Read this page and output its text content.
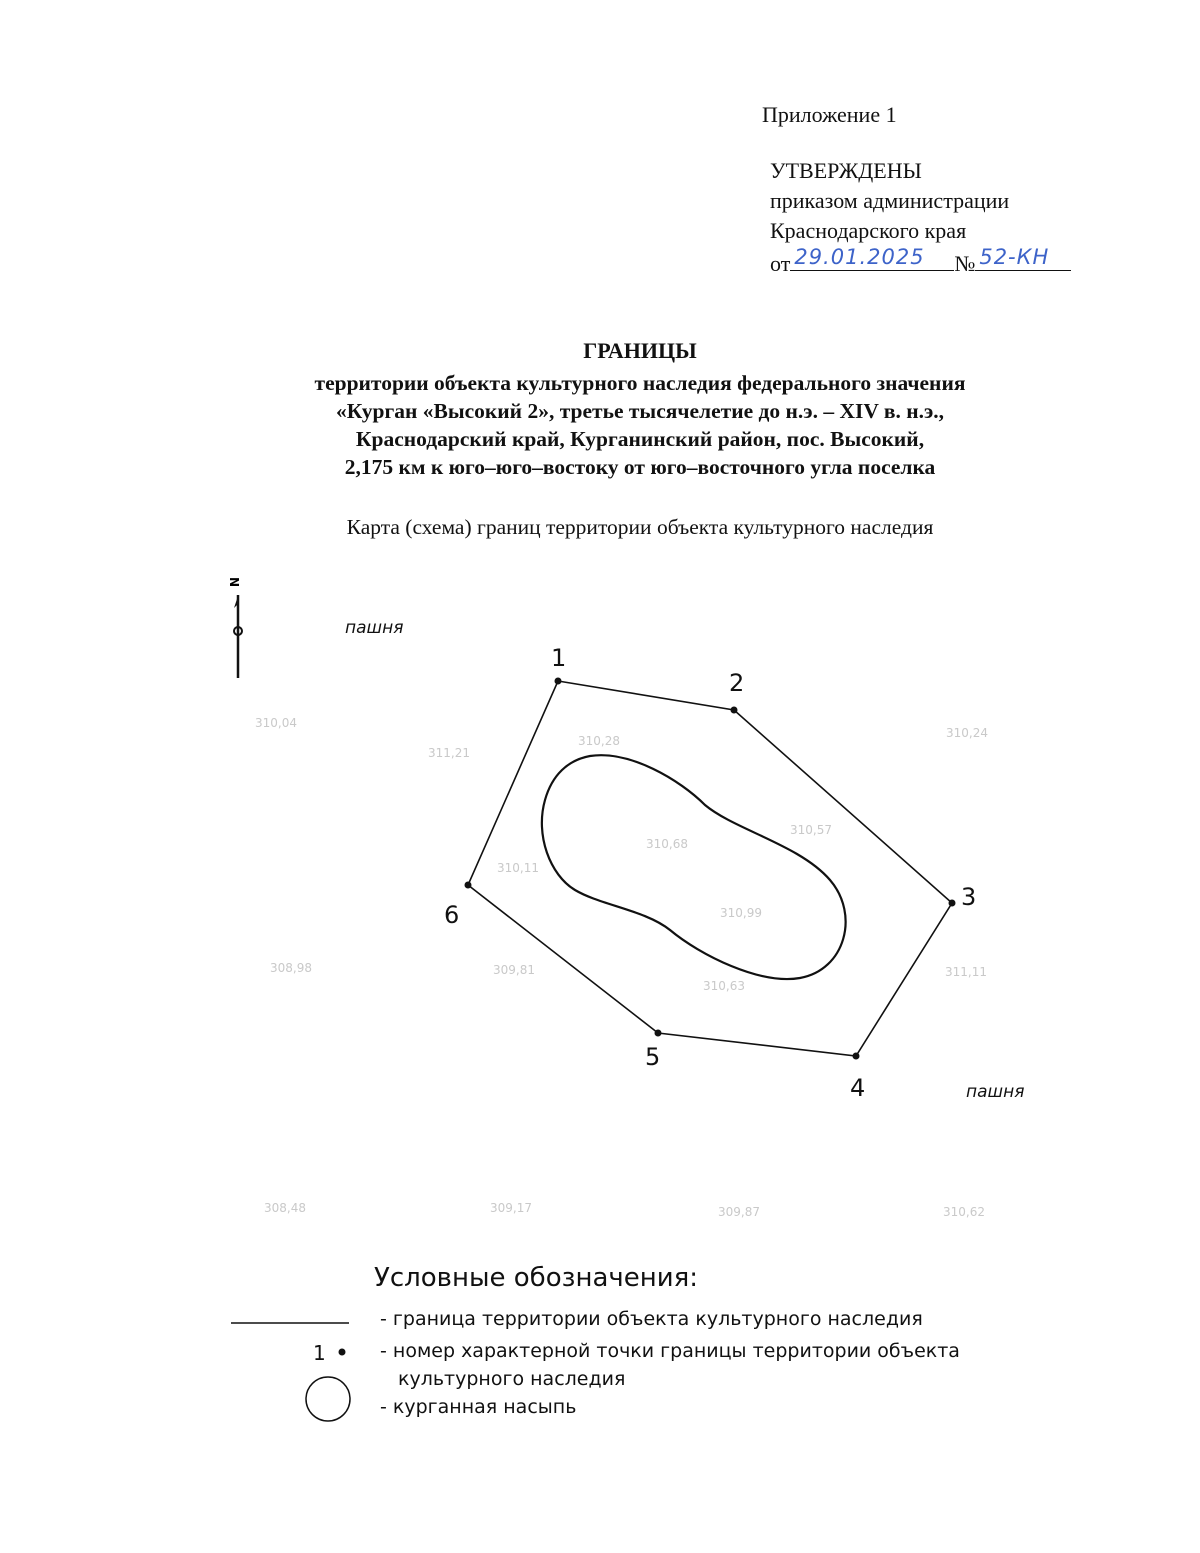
Приложение 1
УТВЕРЖДЕНЫ
приказом администрации
Краснодарского края
от 29.01.2025 № 52-КН
ГРАНИЦЫ
территории объекта культурного наследия федерального значения
«Курган «Высокий 2», третье тысячелетие до н.э. – XIV в. н.э.,
Краснодарский край, Курганинский район, пос. Высокий,
2,175 км к юго–юго–востоку от юго–восточного угла поселка
Карта (схема) границ территории объекта культурного наследия
N
пашня
пашня
310,28
310,24
311,21
310,68
310,57
310,99
310,63
311,11
309,87	310,62
309,17
310,11
310,04
308,98	309,81
308,48
1
2
3
4
5
6
Условные обозначения:
1
- граница территории объекта культурного наследия
- номер характерной точки границы территории объекта
культурного наследия
- курганная насыпь
